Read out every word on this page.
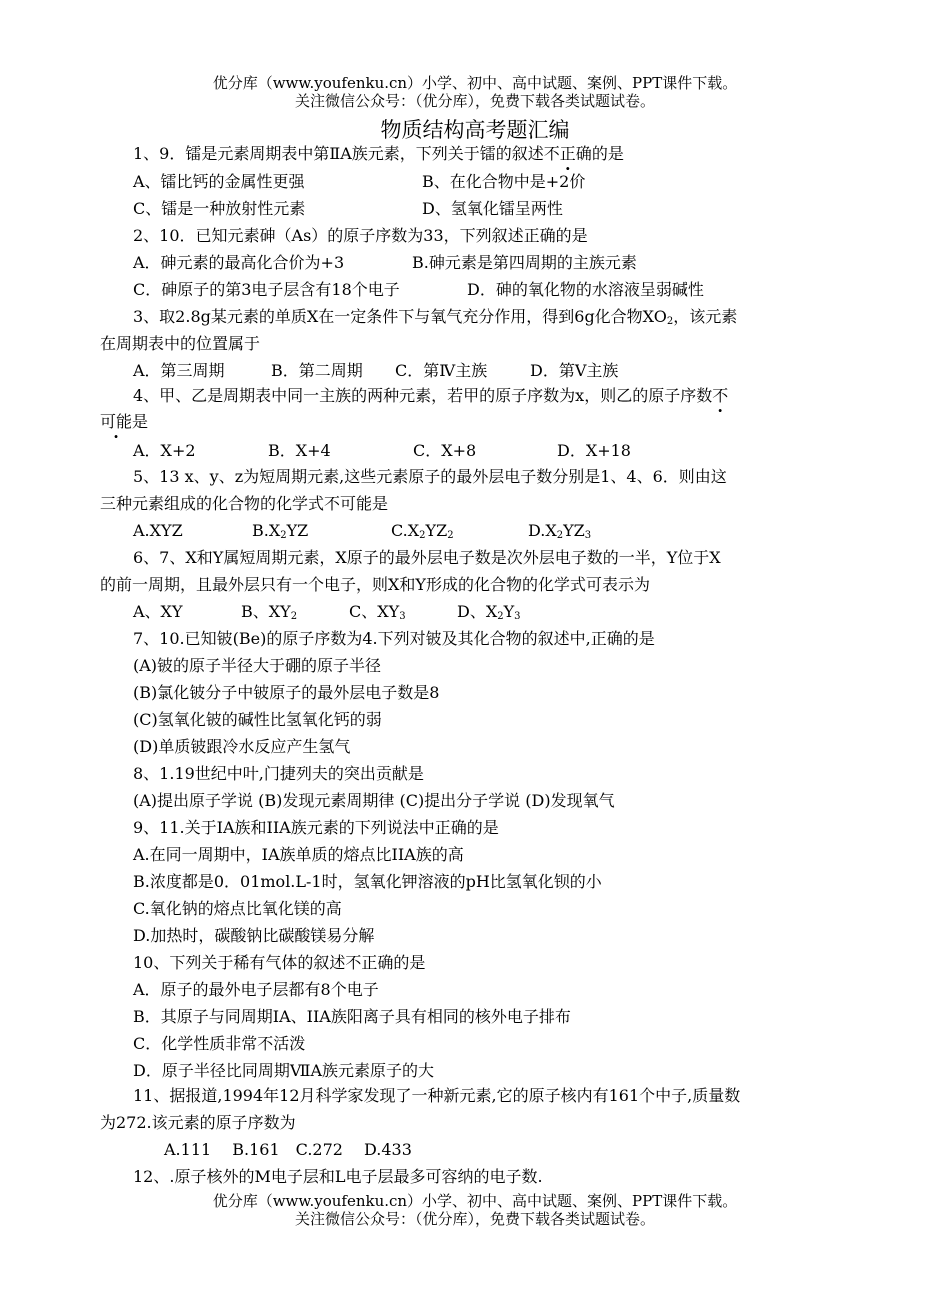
优分库（www.youfenku.cn）小学、初中、高中试题、案例、PPT课件下载。
关注微信公众号：（优分库），免费下载各类试题试卷。
物质结构高考题汇编
1、9．镭是元素周期表中第ⅡA族元素，下列关于镭的叙述不正确的是
A、镭比钙的金属性更强	B、在化合物中是+2价
C、镭是一种放射性元素	D、氢氧化镭呈两性
2、10．已知元素砷（As）的原子序数为33，下列叙述正确的是
A．砷元素的最高化合价为+3	B.砷元素是第四周期的主族元素
C．砷原子的第3电子层含有18个电子	D．砷的氧化物的水溶液呈弱碱性
3、取2.8g某元素的单质X在一定条件下与氧气充分作用，得到6g化合物$XO_2$，该元素
在周期表中的位置属于
A．第三周期	B．第二周期 C．第Ⅳ主族	D．第Ⅴ主族
4、甲、乙是周期表中同一主族的两种元素，若甲的原子序数为x，则乙的原子序数不
可能是
A．X+2	B．X+4	C．X+8	D．X+18
5、13 x、y、z为短周期元素,这些元素原子的最外层电子数分别是1、4、6．则由这
三种元素组成的化合物的化学式不可能是
A.XYZ	$B.X_2YZ$	$C.X_2YZ_2$	$D.X_2YZ_3$
6、7、X和Y属短周期元素，X原子的最外层电子数是次外层电子数的一半，Y位于X
的前一周期，且最外层只有一个电子，则X和Y形成的化合物的化学式可表示为
A、XY	B、$XY_2$	C、$XY_3$	D、$X_2Y_3$
7、10.已知铍(Be)的原子序数为4.下列对铍及其化合物的叙述中,正确的是
(A)铍的原子半径大于硼的原子半径
(B)氯化铍分子中铍原子的最外层电子数是8
(C)氢氧化铍的碱性比氢氧化钙的弱
(D)单质铍跟冷水反应产生氢气
8、1.19世纪中叶,门捷列夫的突出贡献是
(A)提出原子学说 (B)发现元素周期律 (C)提出分子学说 (D)发现氧气
9、11.关于IA族和IIA族元素的下列说法中正确的是
A.在同一周期中，IA族单质的熔点比IIA族的高
B.浓度都是0．01mol.L-1时，氢氧化钾溶液的pH比氢氧化钡的小
C.氧化钠的熔点比氧化镁的高
D.加热时，碳酸钠比碳酸镁易分解
10、下列关于稀有气体的叙述不正确的是
A．原子的最外电子层都有8个电子
B．其原子与同周期IA、IIA族阳离子具有相同的核外电子排布
C．化学性质非常不活泼
D．原子半径比同周期ⅦA族元素原子的大
11、据报道,1994年12月科学家发现了一种新元素,它的原子核内有161个中子,质量数
为272.该元素的原子序数为
A.111　 B.161　C.272　 D.433
12、.原子核外的M电子层和L电子层最多可容纳的电子数.
优分库（www.youfenku.cn）小学、初中、高中试题、案例、PPT课件下载。
关注微信公众号：（优分库），免费下载各类试题试卷。
